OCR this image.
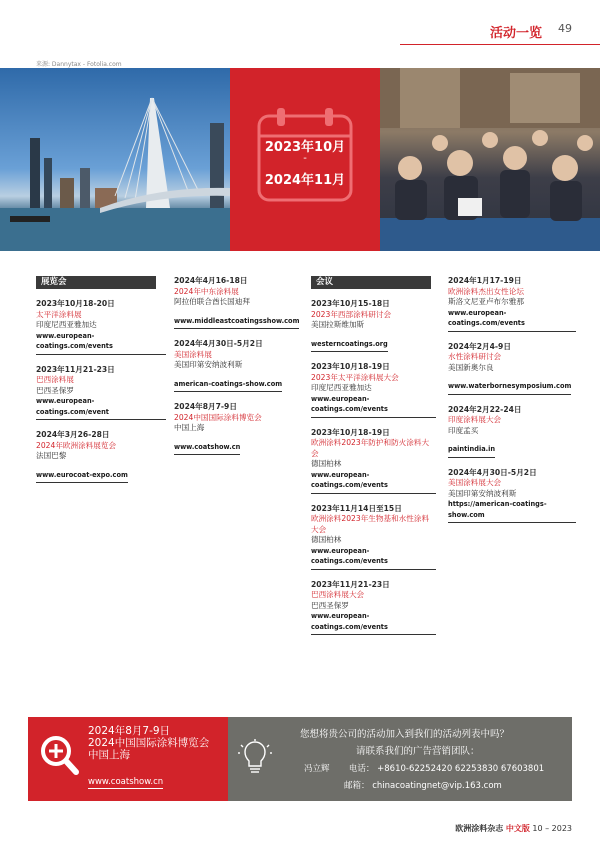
活动一览 49
来源: Dannytax - Fotolia.com
2023年10月
-
2024年11月
展览会
2023年10月18-20日
太平洋涂料展
印度尼西亚雅加达
www.european-coatings.com/events
2023年11月21-23日
巴西涂料展
巴西圣保罗
www.european-coatings.com/event
2024年3月26-28日
2024年欧洲涂料展览会
法国巴黎
www.eurocoat-expo.com
2024年4月16-18日
2024年中东涂料展
阿拉伯联合酋长国迪拜
www.middleastcoatingsshow.com
2024年4月30日-5月2日
美国涂料展
美国印第安纳波利斯
american-coatings-show.com
2024年8月7-9日
2024中国国际涂料博览会
中国上海
www.coatshow.cn
会议
2023年10月15-18日
2023年西部涂料研讨会
美国拉斯维加斯
westerncoatings.org
2023年10月18-19日
2023年太平洋涂料展大会
印度尼西亚雅加达
www.european-coatings.com/events
2023年10月18-19日
欧洲涂料2023年防护和防火涂料大会
德国柏林
www.european-coatings.com/events
2023年11月14日至15日
欧洲涂料2023年生物基和水性涂料大会
德国柏林
www.european-coatings.com/events
2023年11月21-23日
巴西涂料展大会
巴西圣保罗
www.european-coatings.com/events
2024年1月17-19日
欧洲涂料杰出女性论坛
斯洛文尼亚卢布尔雅那
www.european-coatings.com/events
2024年2月4-9日
水性涂料研讨会
美国新奥尔良
www.waterbornesymposium.com
2024年2月22-24日
印度涂料展大会
印度孟买
paintindia.in
2024年4月30日-5月2日
美国涂料展大会
美国印第安纳波利斯
https://american-coatings-show.com
2024年8月7-9日
2024中国国际涂料博览会
中国上海
www.coatshow.cn
您想将贵公司的活动加入到我们的活动列表中吗？
请联系我们的广告营销团队：
冯立辉 电话： +8610-62252420 62253830 67603801
邮箱： chinacoatingnet@vip.163.com
欧洲涂料杂志 中文版 10 – 2023
